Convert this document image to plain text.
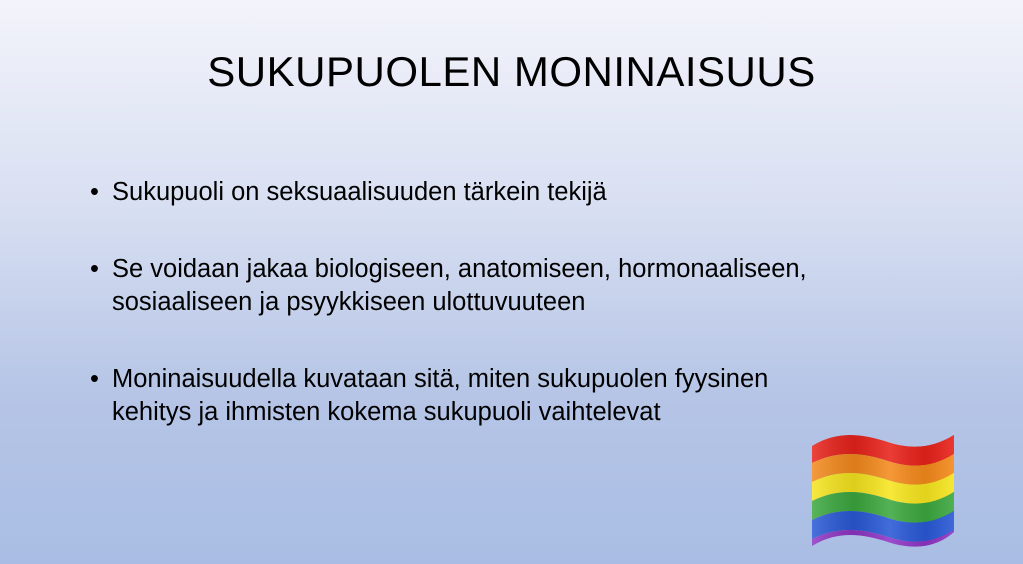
SUKUPUOLEN MONINAISUUS
• Sukupuoli on seksuaalisuuden tärkein tekijä
• Se voidaan jakaa biologiseen, anatomiseen, hormonaaliseen,
sosiaaliseen ja psyykkiseen ulottuvuuteen
• Moninaisuudella kuvataan sitä, miten sukupuolen fyysinen
kehitys ja ihmisten kokema sukupuoli vaihtelevat
